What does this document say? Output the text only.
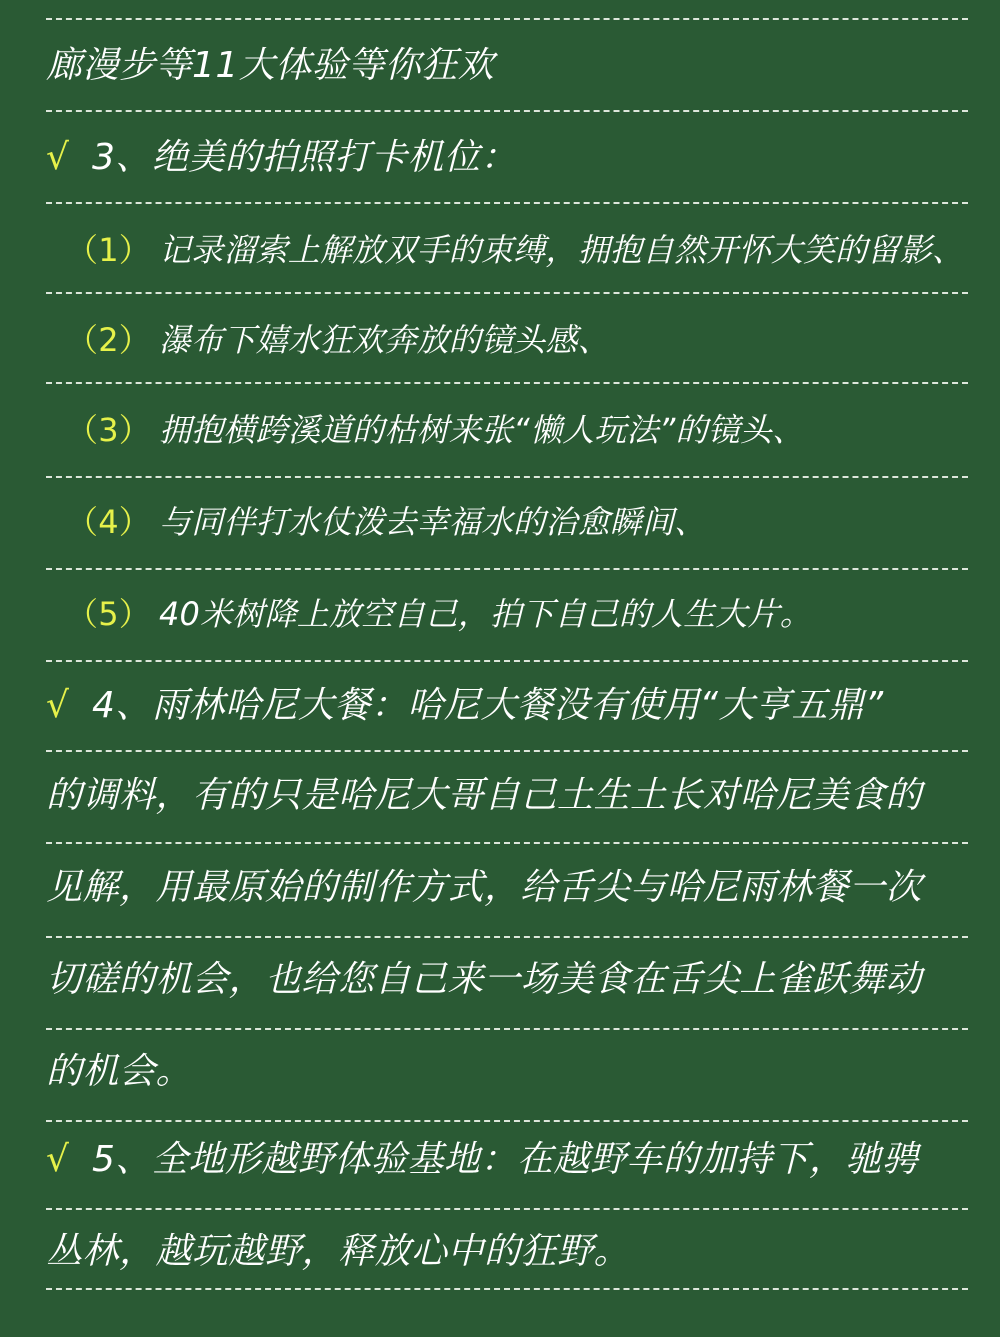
廊漫步等11大体验等你狂欢
√ 3、绝美的拍照打卡机位：
（1） 记录溜索上解放双手的束缚，拥抱自然开怀大笑的留影、
（2） 瀑布下嬉水狂欢奔放的镜头感、
（3） 拥抱横跨溪道的枯树来张“懒人玩法”的镜头、
（4） 与同伴打水仗泼去幸福水的治愈瞬间、
（5） 40米树降上放空自己，拍下自己的人生大片。
√ 4、雨林哈尼大餐：哈尼大餐没有使用“大亨五鼎”
的调料，有的只是哈尼大哥自己土生土长对哈尼美食的
见解，用最原始的制作方式，给舌尖与哈尼雨林餐一次
切磋的机会，也给您自己来一场美食在舌尖上雀跃舞动
的机会。
√ 5、全地形越野体验基地：在越野车的加持下，驰骋
丛林，越玩越野，释放心中的狂野。
